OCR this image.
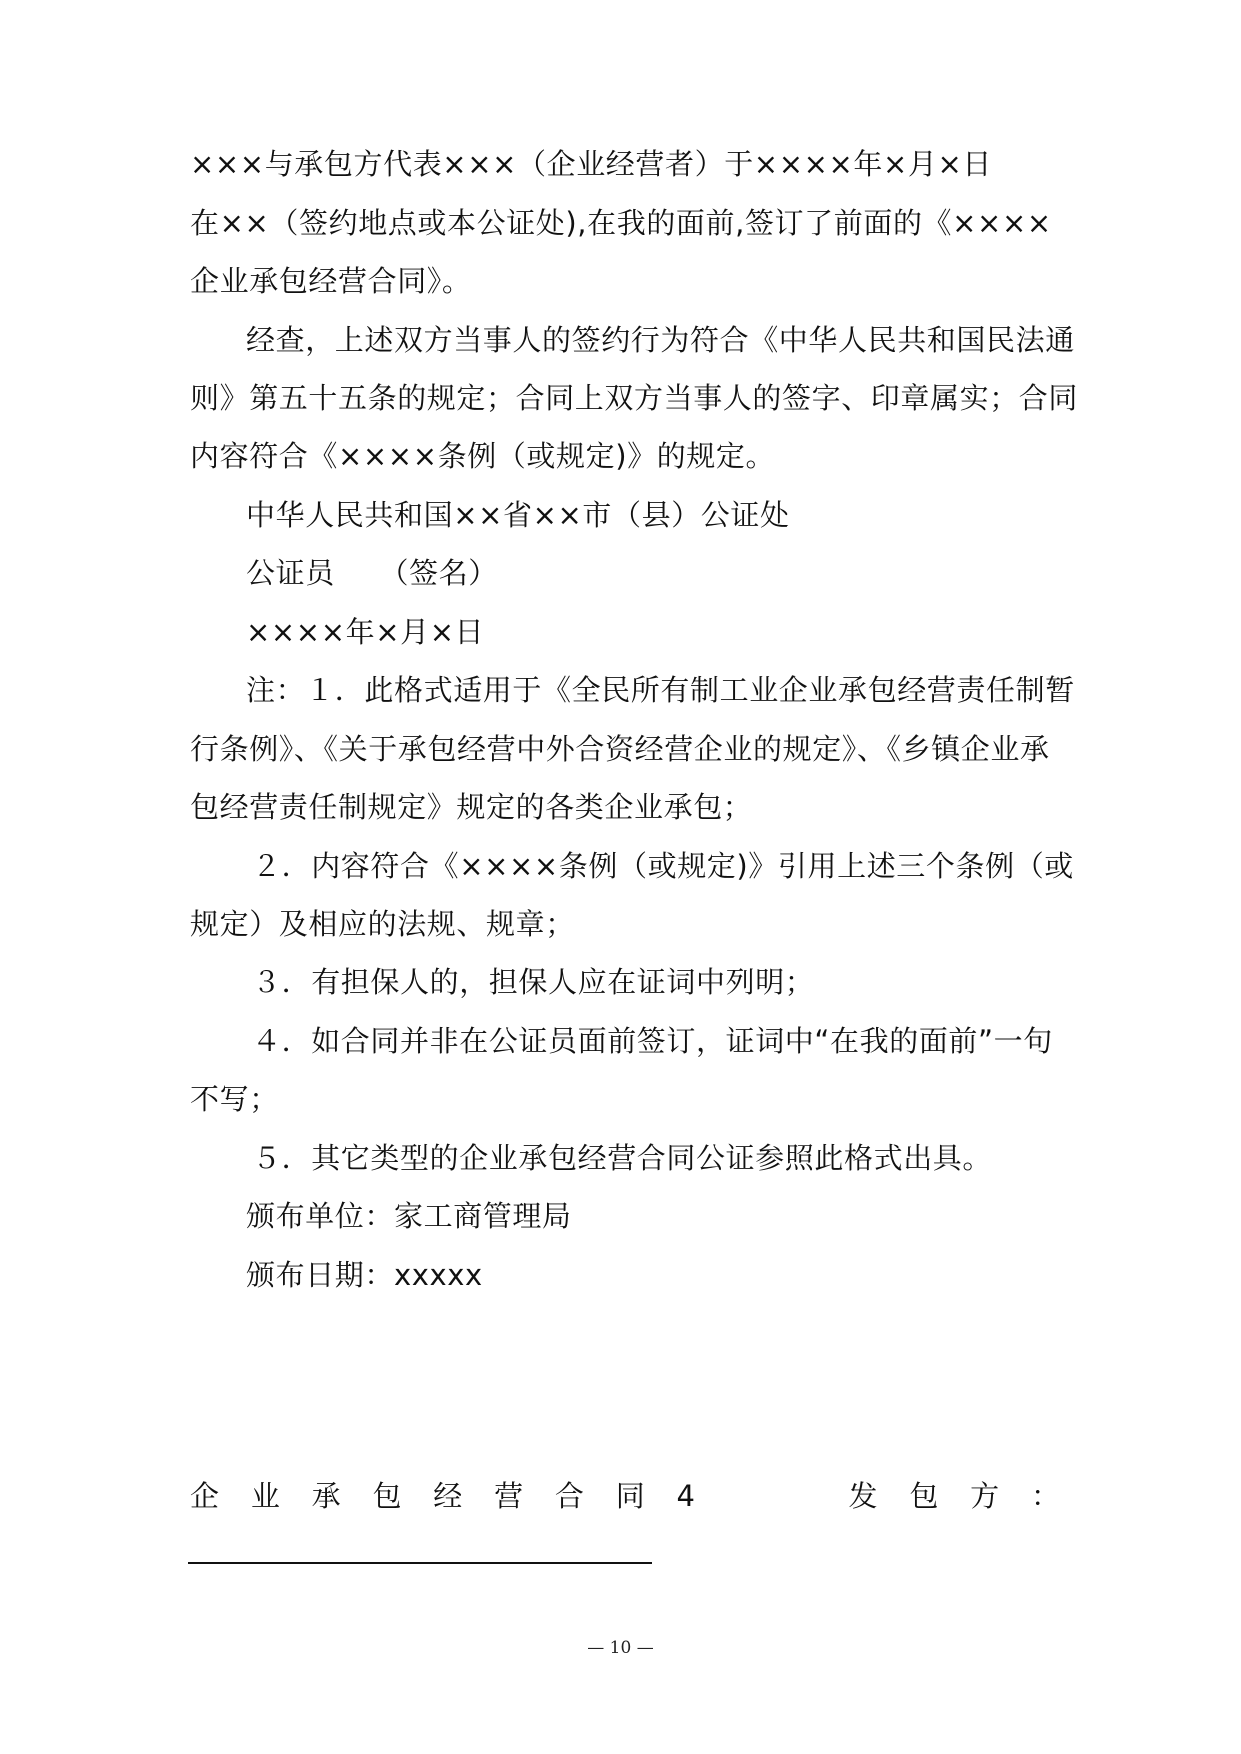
×××与承包方代表×××（企业经营者）于××××年×月×日
在××（签约地点或本公证处),在我的面前,签订了前面的《××××
企业承包经营合同》。
经查，上述双方当事人的签约行为符合《中华人民共和国民法通
则》第五十五条的规定；合同上双方当事人的签字、印章属实；合同
内容符合《××××条例（或规定)》的规定。
中华人民共和国××省××市（县）公证处
公证员　　（签名）
××××年×月×日
注：１．此格式适用于《全民所有制工业企业承包经营责任制暂
行条例》、《关于承包经营中外合资经营企业的规定》、《乡镇企业承
包经营责任制规定》规定的各类企业承包；
２．内容符合《××××条例（或规定)》引用上述三个条例（或
规定）及相应的法规、规章；
３．有担保人的，担保人应在证词中列明；
４．如合同并非在公证员面前签订，证词中“在我的面前”一句
不写；
５．其它类型的企业承包经营合同公证参照此格式出具。
颁布单位：家工商管理局
颁布日期：xxxxx
企 业 承 包 经 营 合 同 4	发 包 方 ：
— 10 —
